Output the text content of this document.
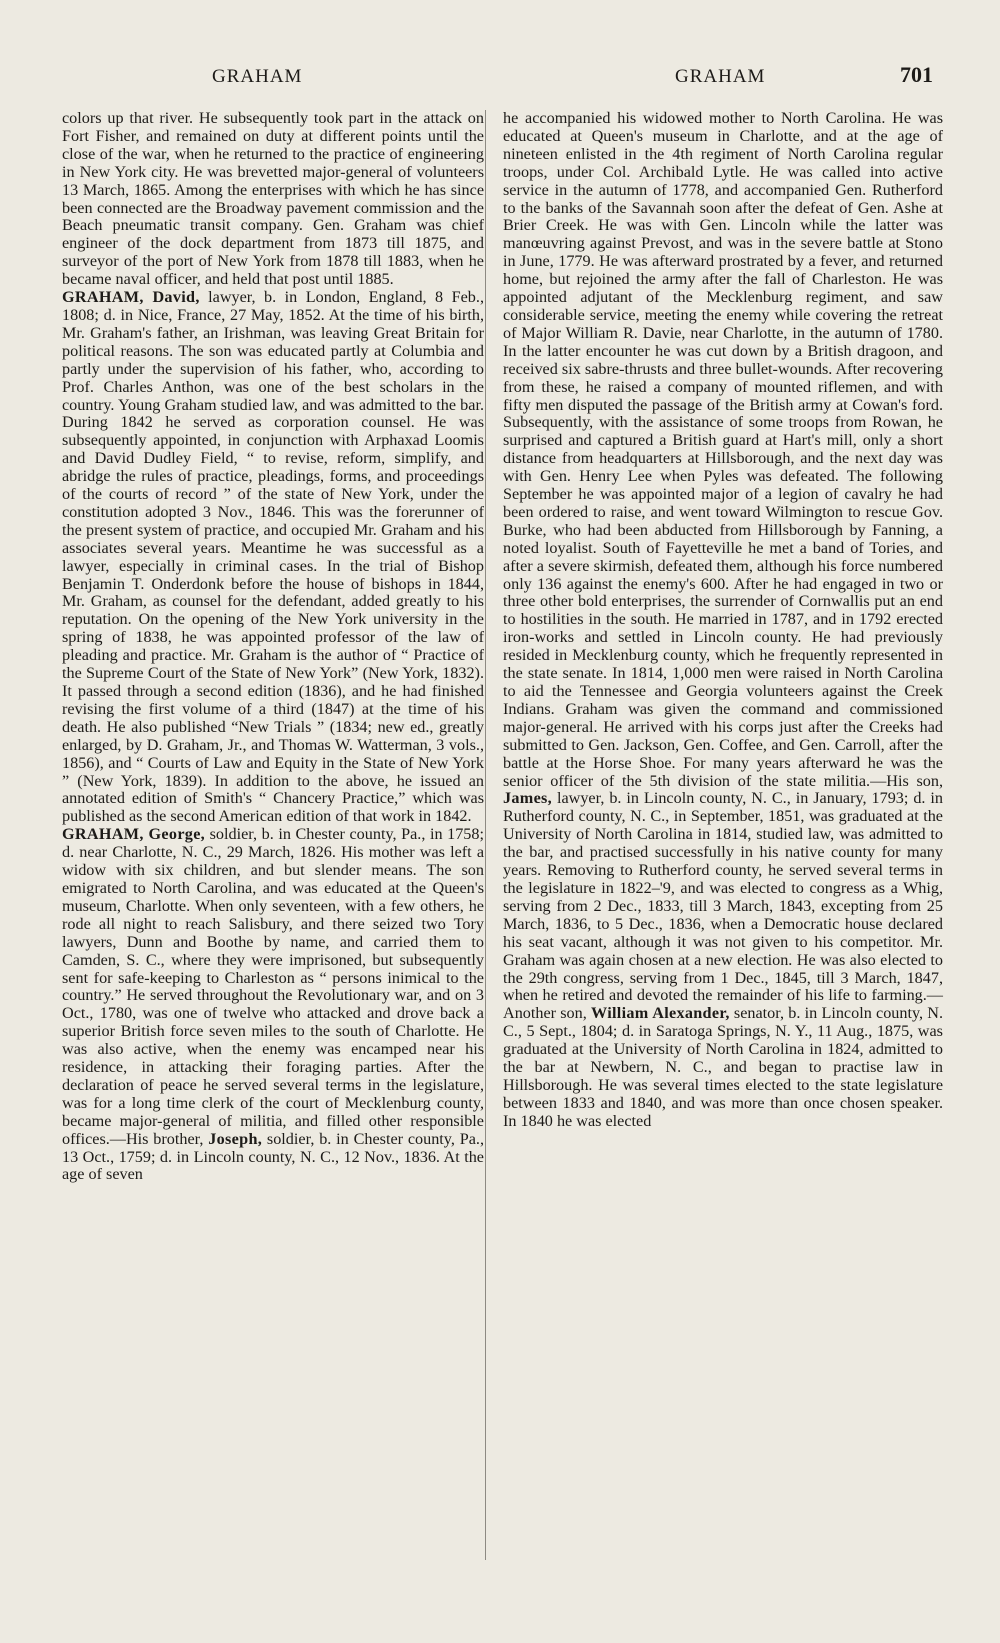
GRAHAM	GRAHAM	701

colors up that river. He subsequently took part in the attack on Fort Fisher, and remained on duty at different points until the close of the war, when he returned to the practice of engineering in New York city. He was brevetted major-general of volunteers 13 March, 1865. Among the enterprises with which he has since been connected are the Broadway pavement commission and the Beach pneumatic transit company. Gen. Graham was chief engineer of the dock department from 1873 till 1875, and surveyor of the port of New York from 1878 till 1883, when he became naval officer, and held that post until 1885.

GRAHAM, David, lawyer, b. in London, England, 8 Feb., 1808; d. in Nice, France, 27 May, 1852. At the time of his birth, Mr. Graham's father, an Irishman, was leaving Great Britain for political reasons. The son was educated partly at Columbia and partly under the supervision of his father, who, according to Prof. Charles Anthon, was one of the best scholars in the country. Young Graham studied law, and was admitted to the bar. During 1842 he served as corporation counsel. He was subsequently appointed, in conjunction with Arphaxad Loomis and David Dudley Field, “ to revise, reform, simplify, and abridge the rules of practice, pleadings, forms, and proceedings of the courts of record ” of the state of New York, under the constitution adopted 3 Nov., 1846. This was the forerunner of the present system of practice, and occupied Mr. Graham and his associates several years. Meantime he was successful as a lawyer, especially in criminal cases. In the trial of Bishop Benjamin T. Onderdonk before the house of bishops in 1844, Mr. Graham, as counsel for the defendant, added greatly to his reputation. On the opening of the New York university in the spring of 1838, he was appointed professor of the law of pleading and practice. Mr. Graham is the author of “ Practice of the Supreme Court of the State of New York” (New York, 1832). It passed through a second edition (1836), and he had finished revising the first volume of a third (1847) at the time of his death. He also published “New Trials ” (1834; new ed., greatly enlarged, by D. Graham, Jr., and Thomas W. Watterman, 3 vols., 1856), and “ Courts of Law and Equity in the State of New York ” (New York, 1839). In addition to the above, he issued an annotated edition of Smith's “ Chancery Practice,” which was published as the second American edition of that work in 1842.

GRAHAM, George, soldier, b. in Chester county, Pa., in 1758; d. near Charlotte, N. C., 29 March, 1826. His mother was left a widow with six children, and but slender means. The son emigrated to North Carolina, and was educated at the Queen's museum, Charlotte. When only seventeen, with a few others, he rode all night to reach Salisbury, and there seized two Tory lawyers, Dunn and Boothe by name, and carried them to Camden, S. C., where they were imprisoned, but subsequently sent for safe-keeping to Charleston as “ persons inimical to the country.” He served throughout the Revolutionary war, and on 3 Oct., 1780, was one of twelve who attacked and drove back a superior British force seven miles to the south of Charlotte. He was also active, when the enemy was encamped near his residence, in attacking their foraging parties. After the declaration of peace he served several terms in the legislature, was for a long time clerk of the court of Mecklenburg county, became major-general of militia, and filled other responsible offices.—His brother, Joseph, soldier, b. in Chester county, Pa., 13 Oct., 1759; d. in Lincoln county, N. C., 12 Nov., 1836. At the age of seven

he accompanied his widowed mother to North Carolina. He was educated at Queen's museum in Charlotte, and at the age of nineteen enlisted in the 4th regiment of North Carolina regular troops, under Col. Archibald Lytle. He was called into active service in the autumn of 1778, and accompanied Gen. Rutherford to the banks of the Savannah soon after the defeat of Gen. Ashe at Brier Creek. He was with Gen. Lincoln while the latter was manœuvring against Prevost, and was in the severe battle at Stono in June, 1779. He was afterward prostrated by a fever, and returned home, but rejoined the army after the fall of Charleston. He was appointed adjutant of the Mecklenburg regiment, and saw considerable service, meeting the enemy while covering the retreat of Major William R. Davie, near Charlotte, in the autumn of 1780. In the latter encounter he was cut down by a British dragoon, and received six sabre-thrusts and three bullet-wounds. After recovering from these, he raised a company of mounted riflemen, and with fifty men disputed the passage of the British army at Cowan's ford. Subsequently, with the assistance of some troops from Rowan, he surprised and captured a British guard at Hart's mill, only a short distance from headquarters at Hillsborough, and the next day was with Gen. Henry Lee when Pyles was defeated. The following September he was appointed major of a legion of cavalry he had been ordered to raise, and went toward Wilmington to rescue Gov. Burke, who had been abducted from Hillsborough by Fanning, a noted loyalist. South of Fayetteville he met a band of Tories, and after a severe skirmish, defeated them, although his force numbered only 136 against the enemy's 600. After he had engaged in two or three other bold enterprises, the surrender of Cornwallis put an end to hostilities in the south. He married in 1787, and in 1792 erected iron-works and settled in Lincoln county. He had previously resided in Mecklenburg county, which he frequently represented in the state senate. In 1814, 1,000 men were raised in North Carolina to aid the Tennessee and Georgia volunteers against the Creek Indians. Graham was given the command and commissioned major-general. He arrived with his corps just after the Creeks had submitted to Gen. Jackson, Gen. Coffee, and Gen. Carroll, after the battle at the Horse Shoe. For many years afterward he was the senior officer of the 5th division of the state militia.—His son, James, lawyer, b. in Lincoln county, N. C., in January, 1793; d. in Rutherford county, N. C., in September, 1851, was graduated at the University of North Carolina in 1814, studied law, was admitted to the bar, and practised successfully in his native county for many years. Removing to Rutherford county, he served several terms in the legislature in 1822–'9, and was elected to congress as a Whig, serving from 2 Dec., 1833, till 3 March, 1843, excepting from 25 March, 1836, to 5 Dec., 1836, when a Democratic house declared his seat vacant, although it was not given to his competitor. Mr. Graham was again chosen at a new election. He was also elected to the 29th congress, serving from 1 Dec., 1845, till 3 March, 1847, when he retired and devoted the remainder of his life to farming.—Another son, William Alexander, senator, b. in Lincoln county, N. C., 5 Sept., 1804; d. in Saratoga Springs, N. Y., 11 Aug., 1875, was graduated at the University of North Carolina in 1824, admitted to the bar at Newbern, N. C., and began to practise law in Hillsborough. He was several times elected to the state legislature between 1833 and 1840, and was more than once chosen speaker. In 1840 he was elected
